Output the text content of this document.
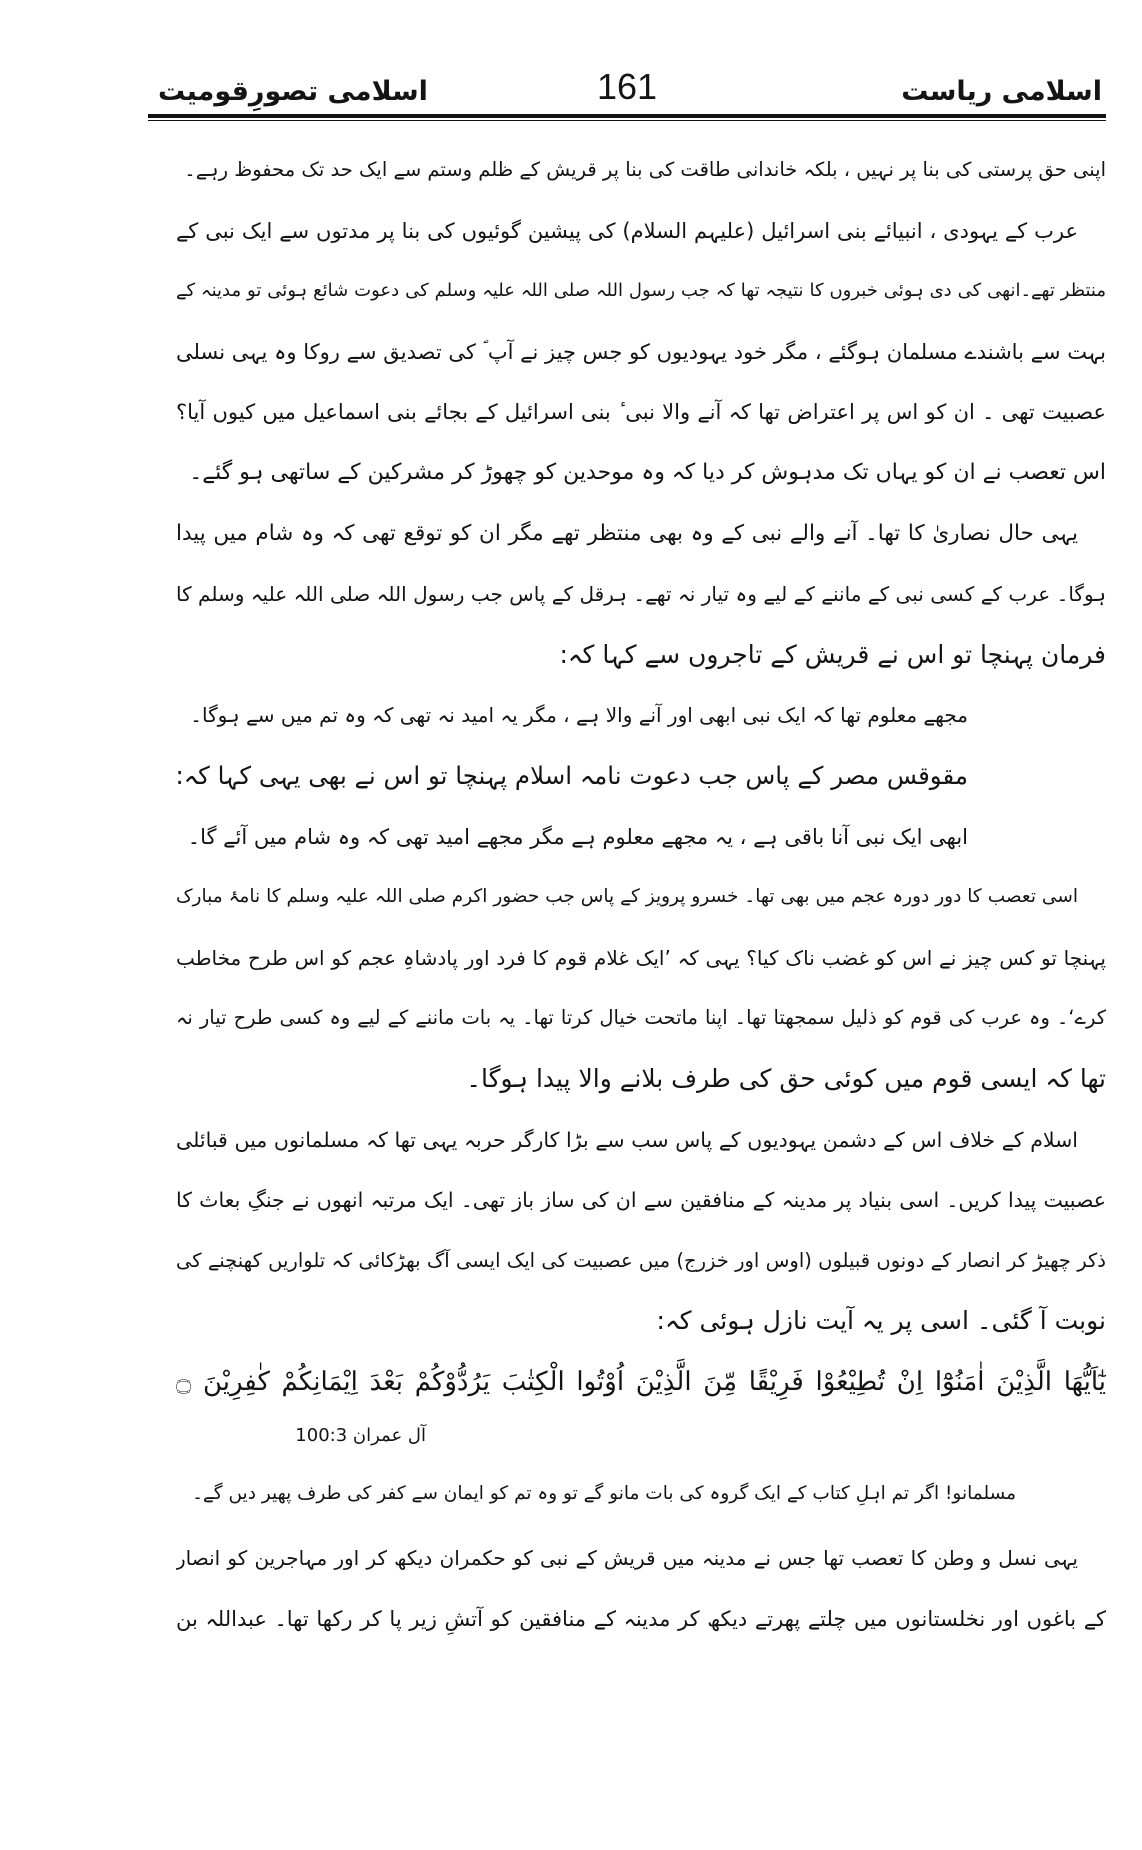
اسلامی ریاست
161
اسلامی تصورِقومیت
اپنی حق پرستی کی بنا پر نہیں ، بلکہ خاندانی طاقت کی بنا پر قریش کے ظلم وستم سے ایک حد تک محفوظ رہے۔
عرب کے یہودی ، انبیائے بنی اسرائیل (علیہم السلام) کی پیشین گوئیوں کی بنا پر مدتوں سے ایک نبی کے
منتظر تھے۔انھی کی دی ہوئی خبروں کا نتیجہ تھا کہ جب رسول اللہ صلی اللہ علیہ وسلم کی دعوت شائع ہوئی تو مدینہ کے
بہت سے باشندے مسلمان ہوگئے ، مگر خود یہودیوں کو جس چیز نے آپ ؐ کی تصدیق سے روکا وہ یہی نسلی
عصبیت تھی ۔ ان کو اس پر اعتراض تھا کہ آنے والا نبی ٔ بنی اسرائیل کے بجائے بنی اسماعیل میں کیوں آیا؟
اس تعصب نے ان کو یہاں تک مدہوش کر دیا کہ وہ موحدین کو چھوڑ کر مشرکین کے ساتھی ہو گئے۔
یہی حال نصاریٰ کا تھا۔ آنے والے نبی کے وہ بھی منتظر تھے مگر ان کو توقع تھی کہ وہ شام میں پیدا
ہوگا۔ عرب کے کسی نبی کے ماننے کے لیے وہ تیار نہ تھے۔ ہرقل کے پاس جب رسول اللہ صلی اللہ علیہ وسلم کا
فرمان پہنچا تو اس نے قریش کے تاجروں سے کہا کہ:
مجھے معلوم تھا کہ ایک نبی ابھی اور آنے والا ہے ، مگر یہ امید نہ تھی کہ وہ تم میں سے ہوگا۔
مقوقس مصر کے پاس جب دعوت نامہ اسلام پہنچا تو اس نے بھی یہی کہا کہ:
ابھی ایک نبی آنا باقی ہے ، یہ مجھے معلوم ہے مگر مجھے امید تھی کہ وہ شام میں آئے گا۔
اسی تعصب کا دور دورہ عجم میں بھی تھا۔ خسرو پرویز کے پاس جب حضور اکرم صلی اللہ علیہ وسلم کا نامۂ مبارک
پہنچا تو کس چیز نے اس کو غضب ناک کیا؟ یہی کہ ’ایک غلام قوم کا فرد اور پادشاہِ عجم کو اس طرح مخاطب
کرے‘۔ وہ عرب کی قوم کو ذلیل سمجھتا تھا۔ اپنا ماتحت خیال کرتا تھا۔ یہ بات ماننے کے لیے وہ کسی طرح تیار نہ
تھا کہ ایسی قوم میں کوئی حق کی طرف بلانے والا پیدا ہوگا۔
اسلام کے خلاف اس کے دشمن یہودیوں کے پاس سب سے بڑا کارگر حربہ یہی تھا کہ مسلمانوں میں قبائلی
عصبیت پیدا کریں۔ اسی بنیاد پر مدینہ کے منافقین سے ان کی ساز باز تھی۔ ایک مرتبہ انھوں نے جنگِ بعاث کا
ذکر چھیڑ کر انصار کے دونوں قبیلوں (اوس اور خزرج) میں عصبیت کی ایک ایسی آگ بھڑکائی کہ تلواریں کھنچنے کی
نوبت آ گئی۔ اسی پر یہ آیت نازل ہوئی کہ:
يٰٓاَيُّهَا الَّذِيْنَ اٰمَنُوْٓا اِنْ تُطِيْعُوْا فَرِيْقًا مِّنَ الَّذِيْنَ اُوْتُوا الْكِتٰبَ يَرُدُّوْكُمْ بَعْدَ اِيْمَانِكُمْ كٰفِرِيْنَ ۝
آل عمران 100:3
مسلمانو! اگر تم اہلِ کتاب کے ایک گروہ کی بات مانو گے تو وہ تم کو ایمان سے کفر کی طرف پھیر دیں گے۔
یہی نسل و وطن کا تعصب تھا جس نے مدینہ میں قریش کے نبی کو حکمران دیکھ کر اور مہاجرین کو انصار
کے باغوں اور نخلستانوں میں چلتے پھرتے دیکھ کر مدینہ کے منافقین کو آتشِ زیر پا کر رکھا تھا۔ عبداللہ بن
